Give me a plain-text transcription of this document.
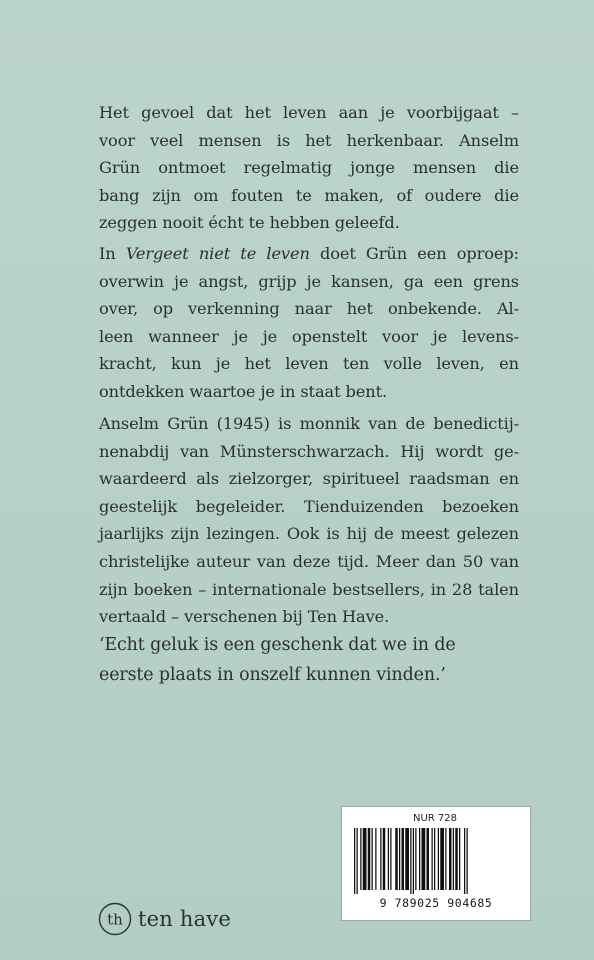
Het gevoel dat het leven aan je voorbijgaat –
voor veel mensen is het herkenbaar. Anselm
Grün ontmoet regelmatig jonge mensen die
bang zijn om fouten te maken, of oudere die
zeggen nooit écht te hebben geleefd.
In Vergeet niet te leven doet Grün een oproep:
overwin je angst, grijp je kansen, ga een grens
over, op verkenning naar het onbekende. Al-
leen wanneer je je openstelt voor je levens-
kracht, kun je het leven ten volle leven, en
ontdekken waartoe je in staat bent.
Anselm Grün (1945) is monnik van de benedictij-
nenabdij van Münsterschwarzach. Hij wordt ge-
waardeerd als zielzorger, spiritueel raadsman en
geestelijk begeleider. Tienduizenden bezoeken
jaarlijks zijn lezingen. Ook is hij de meest gelezen
christelijke auteur van deze tijd. Meer dan 50 van
zijn boeken – internationale bestsellers, in 28 talen
vertaald – verschenen bij Ten Have.
‘Echt geluk is een geschenk dat we in de
eerste plaats in onszelf kunnen vinden.’
NUR 728
9 789025 904685
th ten have
